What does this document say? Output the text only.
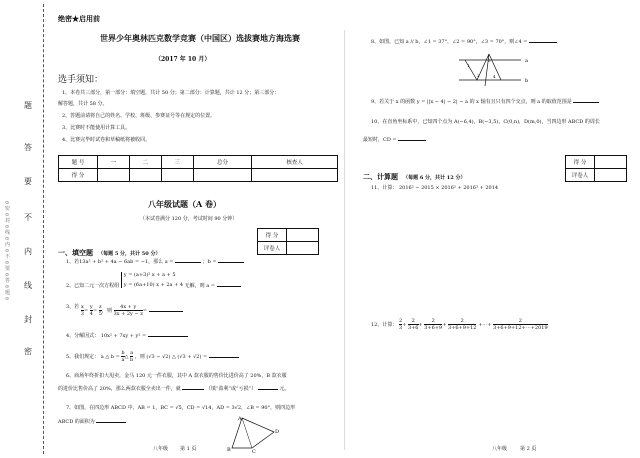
题
答
要
不
内
线
封
密
⊙密⊙封⊙线⊙内⊙不⊙要⊙答⊙题⊙
绝密★启用前
世界少年奥林匹克数学竞赛（中国区）选拔赛地方海选赛
（2017 年 10 月）
选手须知：
1、本卷共三部分，第一部分：填空题，共计 50 分；第二部分：计算题，共计 12 分；第三部分：
解答题，共计 58 分。
2、答题前请将自己的姓名、学校、班级、参赛证号等在规定的位置。
3、比赛时不能使用计算工具。
4、比赛完毕时试卷和草稿纸将被收回。
题 号	一	二	三	总分	核查人
得 分					
八年级试题（A 卷）
（本试卷满分 120 分，考试时间 90 分钟）
得 分	
评卷人	
一、填空题 （每题 5 分，共计 50 分）
1、若13a² + b² + 4a − 6ab = −1，那么 a =	；b =
2、已知二元一次方程组
y = (a+3)² x + a + 5
y = (6a+10) x + 2a + 4 无解，则 a =
3、若 $\frac{x}{3} = \frac{y}{4} = \frac{z}{5}$ ，则 $\frac{4x + y}{3x + 2y - z}$ =
4、分解因式： 10x² + 7xy + y² =
5、我们规定： a △ $b = \frac{b}{a}$ △ $\frac{a}{b}$ ，则 (√3 − √2) △ (√3 + √2) =
6、商场年终折扣大甩卖，金马 120 元一件衣服，其中 A 款衣服的售价比进价高了 20%，B 款衣服
的进价比售价高了 20%，那么两款衣服全卖出一件，就	（填“盈利”或“亏损”）	元。
7、如图，在四边形 ABCD 中，AB = 1，BC = √5，CD = √14，AD = 3√2，∠B = 90°，则四边形
ABCD 的面积为	A
B	C
D
八年级 第 1 页
8、如图，已知 a // b，∠1 = 37°，∠2 = 90°，∠3 = 70°，则∠4 =
a
b
1
2
3
4
9、若关于 x 的函数 y = ||x − 4| − 2| − a 的 x 轴有且只有四个交点，则 a 的取值范围是
10、在直角坐标系中，已知四个点为 A(−6,4)，B(−3,5)，C(0,n)，D(m,0)，当四边形 ABCD 的周长
最短时，CD =
得 分	
评卷人	
二、计算题 （每题 6 分，共计 12 分）
11、计算： 2016² − 2015 × 2016² + 2016³ + 2014
12、计算： $\frac{2}{3} + \frac{2}{3+6} + \frac{2}{3+6+9} + \frac{2}{3+6+9+12}$ +⋯+ $\frac{2}{3+6+9+12+\cdots+2019}$
八年级	第 2 页
